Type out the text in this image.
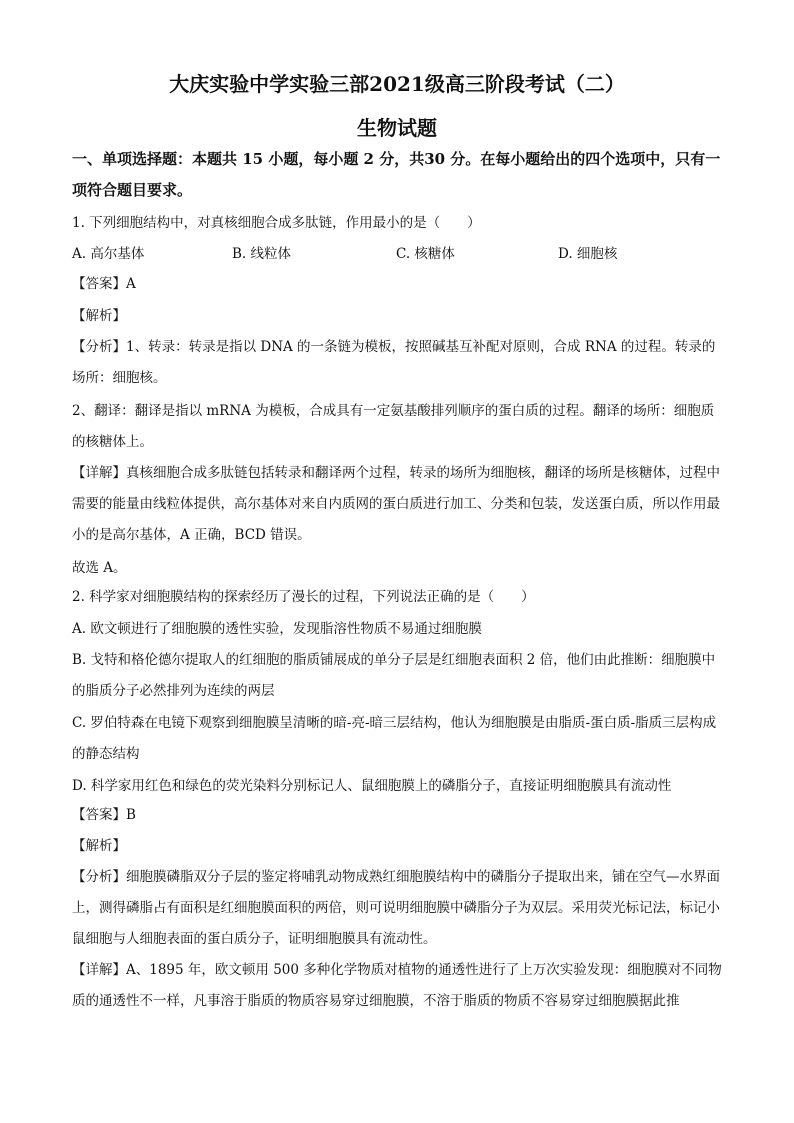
大庆实验中学实验三部2021级高三阶段考试（二）
生物试题
一、单项选择题：本题共 15 小题，每小题 2 分，共30 分。在每小题给出的四个选项中，只有一项符合题目要求。
1. 下列细胞结构中，对真核细胞合成多肽链，作用最小的是（　　）
A. 高尔基体	B. 线粒体	C. 核糖体	D. 细胞核
【答案】A
【解析】
【分析】1、转录：转录是指以 DNA 的一条链为模板，按照碱基互补配对原则，合成 RNA 的过程。转录的场所：细胞核。
2、翻译：翻译是指以 mRNA 为模板，合成具有一定氨基酸排列顺序的蛋白质的过程。翻译的场所：细胞质的核糖体上。
【详解】真核细胞合成多肽链包括转录和翻译两个过程，转录的场所为细胞核，翻译的场所是核糖体，过程中需要的能量由线粒体提供，高尔基体对来自内质网的蛋白质进行加工、分类和包装，发送蛋白质，所以作用最小的是高尔基体，A 正确，BCD 错误。
故选 A。
2. 科学家对细胞膜结构的探索经历了漫长的过程，下列说法正确的是（　　）
A. 欧文顿进行了细胞膜的透性实验，发现脂溶性物质不易通过细胞膜
B. 戈特和格伦德尔提取人的红细胞的脂质铺展成的单分子层是红细胞表面积 2 倍，他们由此推断：细胞膜中的脂质分子必然排列为连续的两层
C. 罗伯特森在电镜下观察到细胞膜呈清晰的暗-亮-暗三层结构，他认为细胞膜是由脂质-蛋白质-脂质三层构成的静态结构
D. 科学家用红色和绿色的荧光染料分别标记人、鼠细胞膜上的磷脂分子，直接证明细胞膜具有流动性
【答案】B
【解析】
【分析】细胞膜磷脂双分子层的鉴定将哺乳动物成熟红细胞膜结构中的磷脂分子提取出来，铺在空气—水界面上，测得磷脂占有面积是红细胞膜面积的两倍，则可说明细胞膜中磷脂分子为双层。采用荧光标记法，标记小鼠细胞与人细胞表面的蛋白质分子，证明细胞膜具有流动性。
【详解】A、1895 年，欧文顿用 500 多种化学物质对植物的通透性进行了上万次实验发现：细胞膜对不同物质的通透性不一样，凡事溶于脂质的物质容易穿过细胞膜，不溶于脂质的物质不容易穿过细胞膜据此推
